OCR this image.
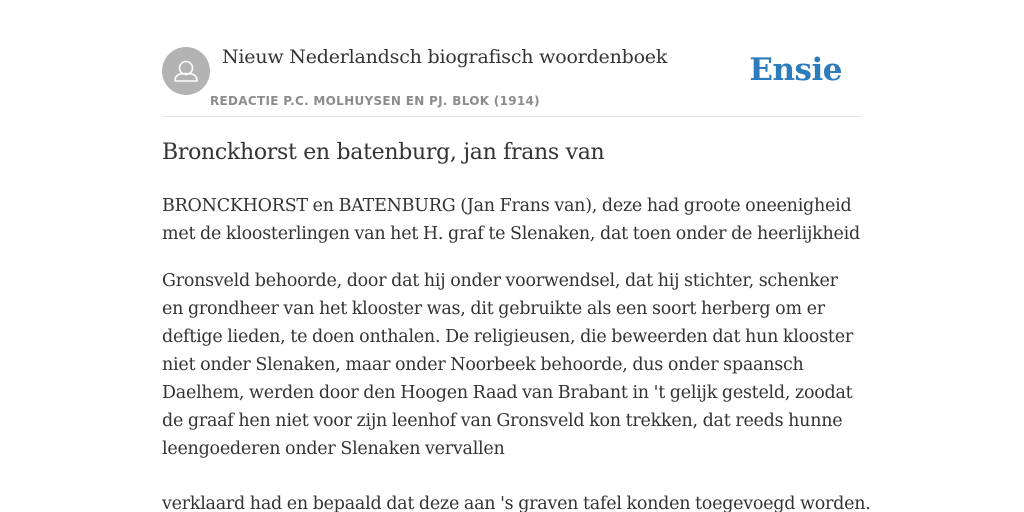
Nieuw Nederlandsch biografisch woordenboek
REDACTIE P.C. MOLHUYSEN EN PJ. BLOK (1914)
Ensie
Bronckhorst en batenburg, jan frans van

BRONCKHORST en BATENBURG (Jan Frans van), deze had groote oneenigheid met de kloosterlingen van het H. graf te Slenaken, dat toen onder de heerlijkheid

Gronsveld behoorde, door dat hij onder voorwendsel, dat hij stichter, schenker en grondheer van het klooster was, dit gebruikte als een soort herberg om er deftige lieden, te doen onthalen. De religieusen, die beweerden dat hun klooster niet onder Slenaken, maar onder Noorbeek behoorde, dus onder spaansch Daelhem, werden door den Hoogen Raad van Brabant in 't gelijk gesteld, zoodat de graaf hen niet voor zijn leenhof van Gronsveld kon trekken, dat reeds hunne leengoederen onder Slenaken vervallen

verklaard had en bepaald dat deze aan 's graven tafel konden toegevoegd worden.
